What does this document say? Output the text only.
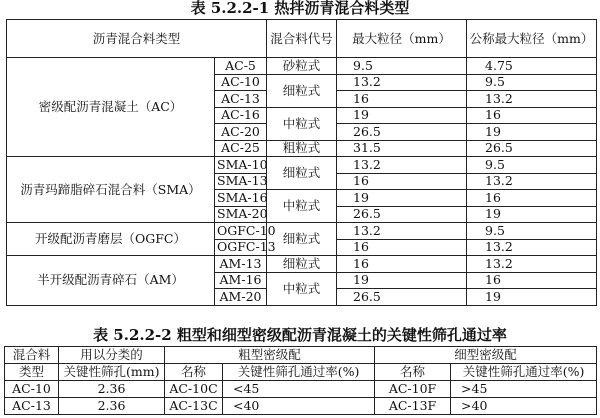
表 5.2.2-1 热拌沥青混合料类型
沥青混合料类型		混合料代号	最大粒径（mm）	公称最大粒径（mm）
密级配沥青混凝土（AC）	AC-5	砂粒式	9.5	4.75
	AC-10	细粒式	13.2	9.5
	AC-13		16	13.2
	AC-16	中粒式	19	16
	AC-20		26.5	19
	AC-25	粗粒式	31.5	26.5
沥青玛蹄脂碎石混合料（SMA）	SMA-10	细粒式	13.2	9.5
	SMA-13		16	13.2
	SMA-16	中粒式	19	16
	SMA-20		26.5	19
开级配沥青磨层（OGFC）	OGFC-10	细粒式	13.2	9.5
	OGFC-13		16	13.2
半开级配沥青碎石（AM）	AM-13	细粒式	16	13.2
	AM-16	中粒式	19	16
	AM-20		26.5	19
表 5.2.2-2 粗型和细型密级配沥青混凝土的关键性筛孔通过率
混合料	用以分类的	粗型密级配		细型密级配	
类型	关键性筛孔(mm)	名称	关键性筛孔通过率(%)	名称	关键性筛孔通过率(%)
AC-10	2.36	AC-10C	<45	AC-10F	>45
AC-13	2.36	AC-13C	<40	AC-13F	>40
